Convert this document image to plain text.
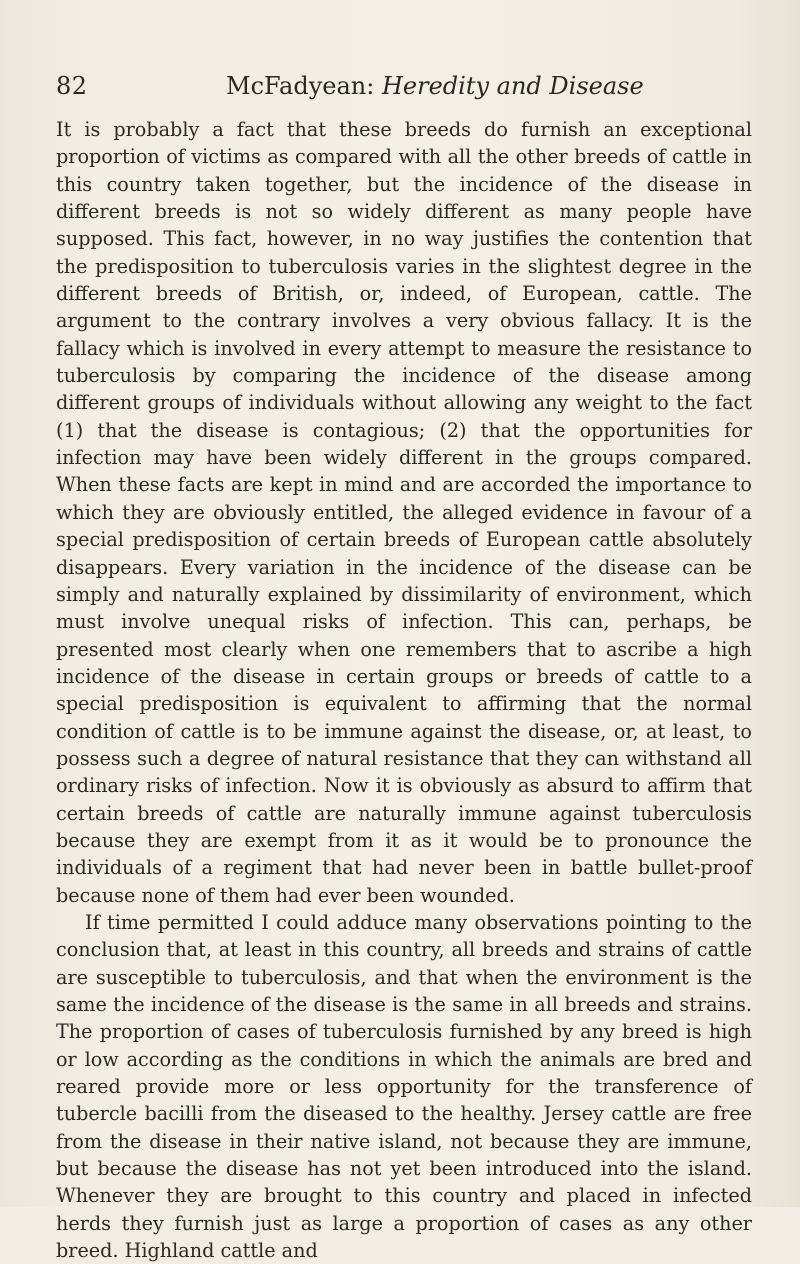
82	McFadyean: Heredity and Disease

It is probably a fact that these breeds do furnish an exceptional proportion of victims as compared with all the other breeds of cattle in this country taken together, but the incidence of the disease in different breeds is not so widely different as many people have supposed. This fact, however, in no way justifies the contention that the predisposition to tuberculosis varies in the slightest degree in the different breeds of British, or, indeed, of European, cattle. The argument to the contrary involves a very obvious fallacy. It is the fallacy which is involved in every attempt to measure the resistance to tuberculosis by comparing the incidence of the disease among different groups of individuals without allowing any weight to the fact (1) that the disease is contagious; (2) that the opportunities for infection may have been widely different in the groups compared. When these facts are kept in mind and are accorded the importance to which they are obviously entitled, the alleged evidence in favour of a special predisposition of certain breeds of European cattle absolutely disappears. Every variation in the incidence of the disease can be simply and naturally explained by dissimilarity of environment, which must involve unequal risks of infection. This can, perhaps, be presented most clearly when one remembers that to ascribe a high incidence of the disease in certain groups or breeds of cattle to a special predisposition is equivalent to affirming that the normal condition of cattle is to be immune against the disease, or, at least, to possess such a degree of natural resistance that they can withstand all ordinary risks of infection. Now it is obviously as absurd to affirm that certain breeds of cattle are naturally immune against tuberculosis because they are exempt from it as it would be to pronounce the individuals of a regiment that had never been in battle bullet-proof because none of them had ever been wounded.

If time permitted I could adduce many observations pointing to the conclusion that, at least in this country, all breeds and strains of cattle are susceptible to tuberculosis, and that when the environment is the same the incidence of the disease is the same in all breeds and strains. The proportion of cases of tuberculosis furnished by any breed is high or low according as the conditions in which the animals are bred and reared provide more or less opportunity for the transference of tubercle bacilli from the diseased to the healthy. Jersey cattle are free from the disease in their native island, not because they are immune, but because the disease has not yet been introduced into the island. Whenever they are brought to this country and placed in infected herds they furnish just as large a proportion of cases as any other breed. Highland cattle and
